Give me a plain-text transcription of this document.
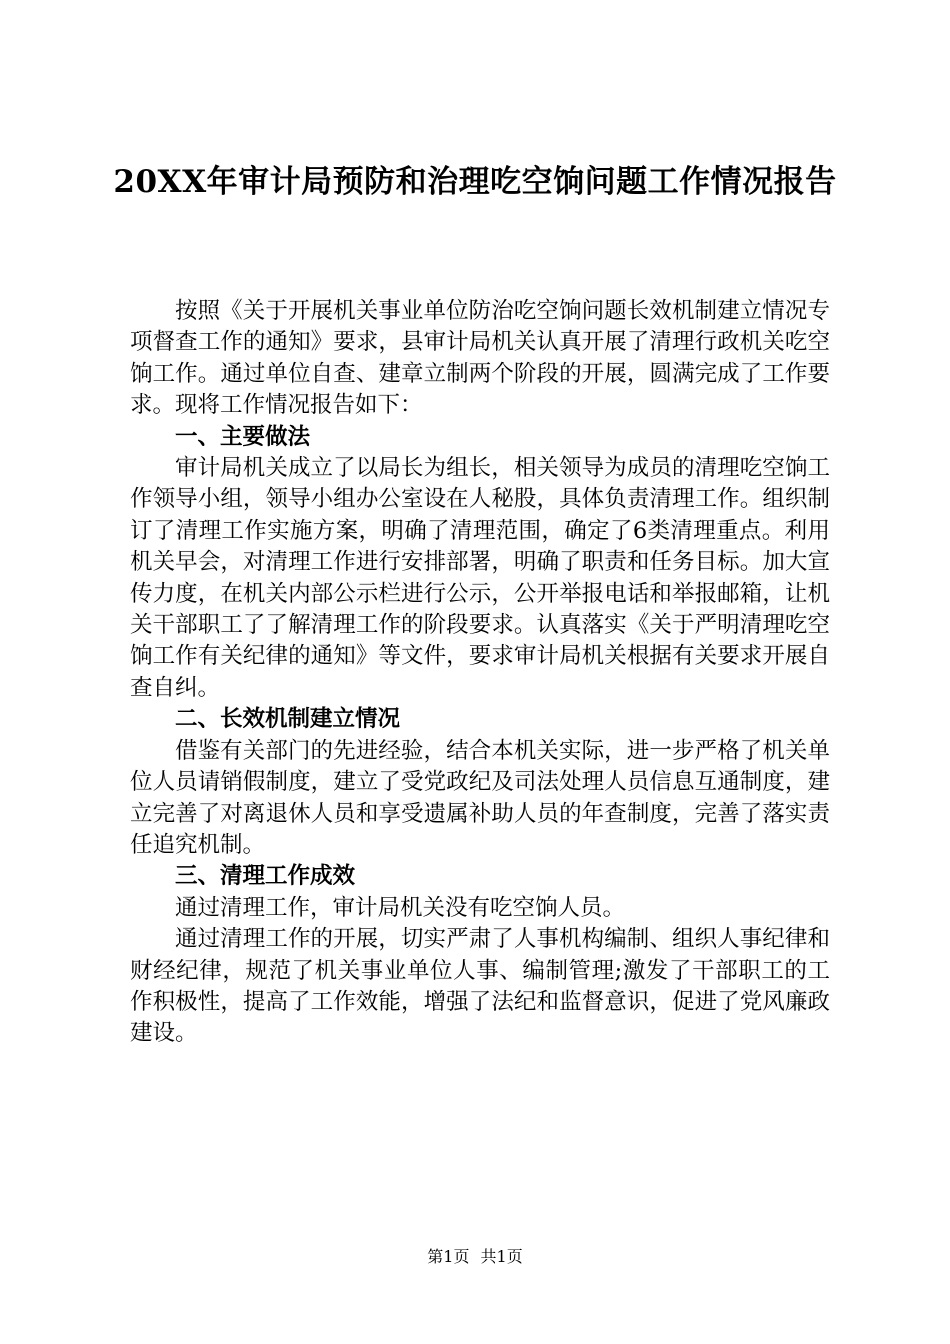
20XX年审计局预防和治理吃空饷问题工作情况报告

按照《关于开展机关事业单位防治吃空饷问题长效机制建立情况专项督查工作的通知》要求，县审计局机关认真开展了清理行政机关吃空饷工作。通过单位自查、建章立制两个阶段的开展，圆满完成了工作要求。现将工作情况报告如下：

一、主要做法

审计局机关成立了以局长为组长，相关领导为成员的清理吃空饷工作领导小组，领导小组办公室设在人秘股，具体负责清理工作。组织制订了清理工作实施方案，明确了清理范围，确定了6类清理重点。利用机关早会，对清理工作进行安排部署，明确了职责和任务目标。加大宣传力度，在机关内部公示栏进行公示，公开举报电话和举报邮箱，让机关干部职工了了解清理工作的阶段要求。认真落实《关于严明清理吃空饷工作有关纪律的通知》等文件，要求审计局机关根据有关要求开展自查自纠。

二、长效机制建立情况

借鉴有关部门的先进经验，结合本机关实际，进一步严格了机关单位人员请销假制度，建立了受党政纪及司法处理人员信息互通制度，建立完善了对离退休人员和享受遗属补助人员的年查制度，完善了落实责任追究机制。

三、清理工作成效

通过清理工作，审计局机关没有吃空饷人员。

通过清理工作的开展，切实严肃了人事机构编制、组织人事纪律和财经纪律，规范了机关事业单位人事、编制管理;激发了干部职工的工作积极性，提高了工作效能，增强了法纪和监督意识，促进了党风廉政建设。

第1页 共1页
